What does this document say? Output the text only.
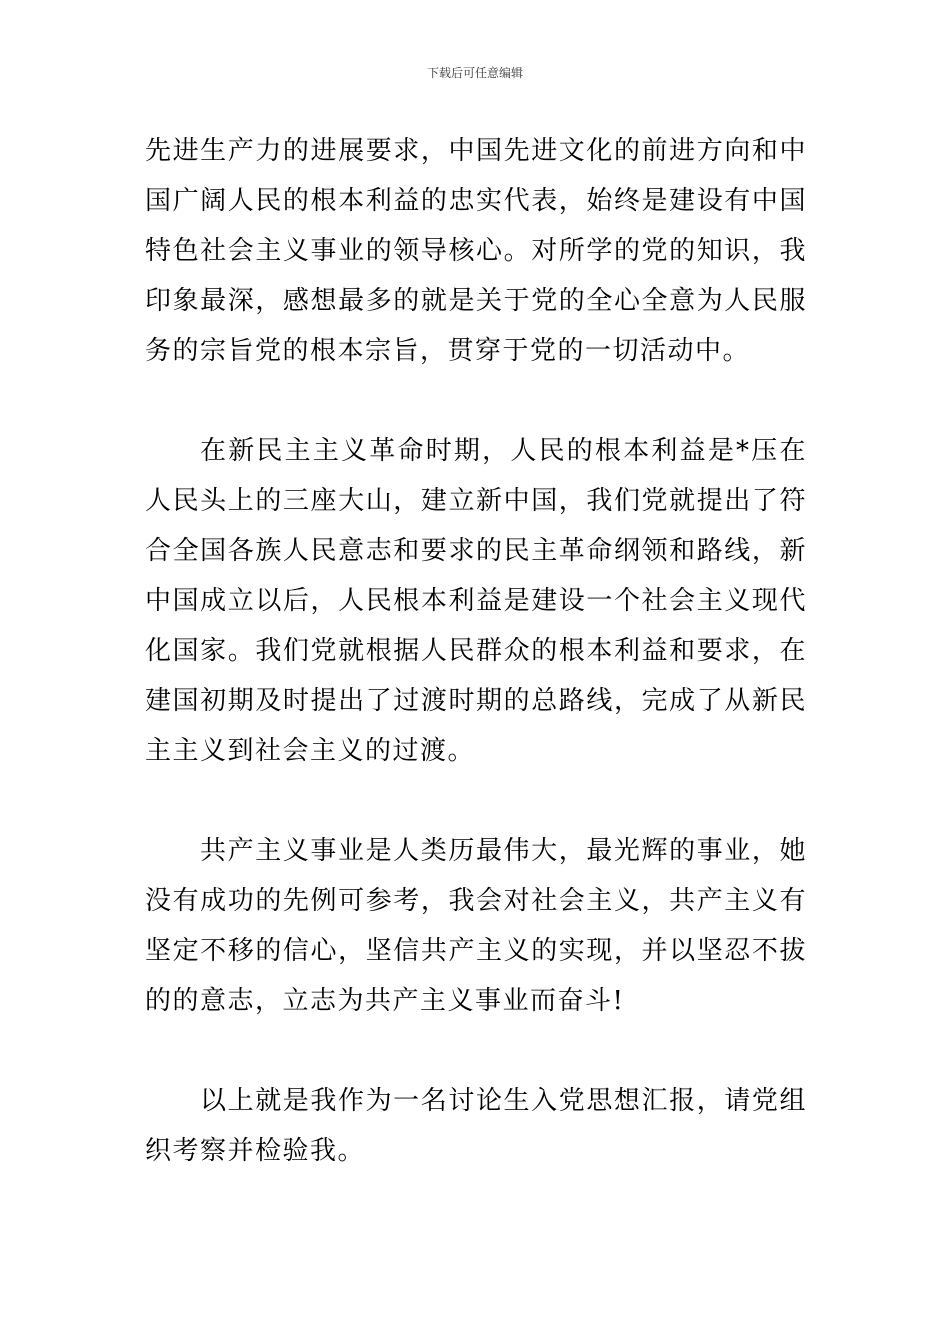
下载后可任意编辑

先进生产力的进展要求，中国先进文化的前进方向和中国广阔人民的根本利益的忠实代表，始终是建设有中国特色社会主义事业的领导核心。对所学的党的知识，我印象最深，感想最多的就是关于党的全心全意为人民服务的宗旨党的根本宗旨，贯穿于党的一切活动中。

在新民主主义革命时期，人民的根本利益是*压在人民头上的三座大山，建立新中国，我们党就提出了符合全国各族人民意志和要求的民主革命纲领和路线，新中国成立以后，人民根本利益是建设一个社会主义现代化国家。我们党就根据人民群众的根本利益和要求，在建国初期及时提出了过渡时期的总路线，完成了从新民主主义到社会主义的过渡。

共产主义事业是人类历最伟大，最光辉的事业，她没有成功的先例可参考，我会对社会主义，共产主义有坚定不移的信心，坚信共产主义的实现，并以坚忍不拔的的意志，立志为共产主义事业而奋斗!

以上就是我作为一名讨论生入党思想汇报，请党组织考察并检验我。
